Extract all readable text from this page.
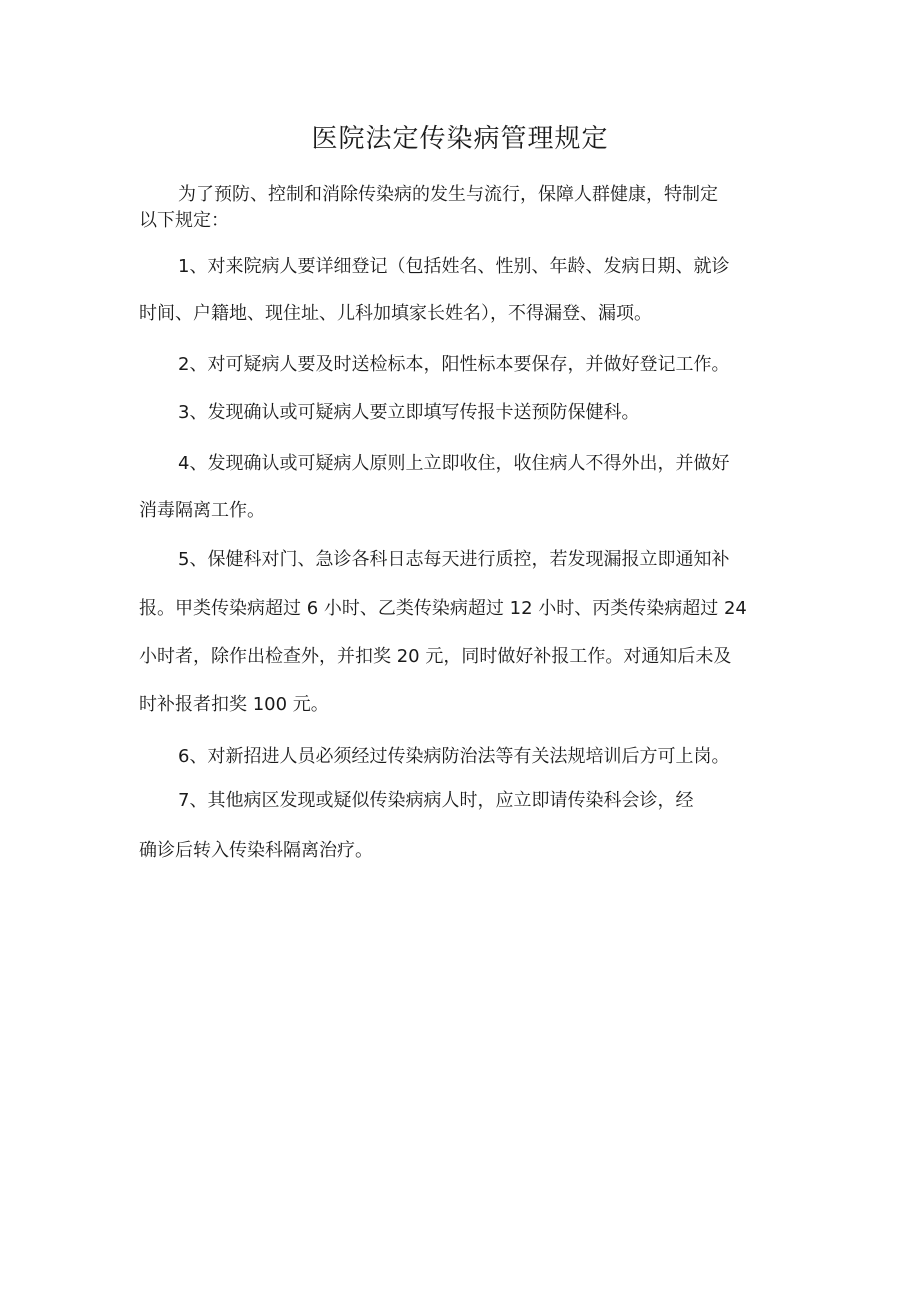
医院法定传染病管理规定
为了预防、控制和消除传染病的发生与流行，保障人群健康，特制定
以下规定：
1、对来院病人要详细登记（包括姓名、性别、年龄、发病日期、就诊
时间、户籍地、现住址、儿科加填家长姓名），不得漏登、漏项。
2、对可疑病人要及时送检标本，阳性标本要保存，并做好登记工作。
3、发现确认或可疑病人要立即填写传报卡送预防保健科。
4、发现确认或可疑病人原则上立即收住，收住病人不得外出，并做好
消毒隔离工作。
5、保健科对门、急诊各科日志每天进行质控，若发现漏报立即通知补
报。甲类传染病超过 6 小时、乙类传染病超过 12 小时、丙类传染病超过 24
小时者，除作出检查外，并扣奖 20 元，同时做好补报工作。对通知后未及
时补报者扣奖 100 元。
6、对新招进人员必须经过传染病防治法等有关法规培训后方可上岗。
7、其他病区发现或疑似传染病病人时，应立即请传染科会诊，经
确诊后转入传染科隔离治疗。
